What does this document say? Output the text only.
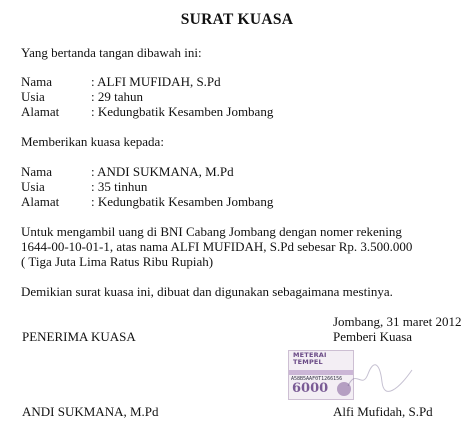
SURAT KUASA
Yang bertanda tangan dibawah ini:
Nama	: ALFI MUFIDAH, S.Pd
Usia	: 29 tahun
Alamat : Kedungbatik Kesamben Jombang
Memberikan kuasa kepada:
Nama	: ANDI SUKMANA, M.Pd
Usia	: 35 tinhun
Alamat : Kedungbatik Kesamben Jombang
Untuk mengambil uang di BNI Cabang Jombang dengan nomer rekening
1644-00-10-01-1, atas nama ALFI MUFIDAH, S.Pd sebesar Rp. 3.500.000
( Tiga Juta Lima Ratus Ribu Rupiah)
Demikian surat kuasa ini, dibuat dan digunakan sebagaimana mestinya.
Jombang, 31 maret 2012
PENERIMA KUASA	Pemberi Kuasa
METERAI
TEMPEL
A58B5AAF0T1266156
6000
ANDI SUKMANA, M.Pd	Alfi Mufidah, S.Pd
